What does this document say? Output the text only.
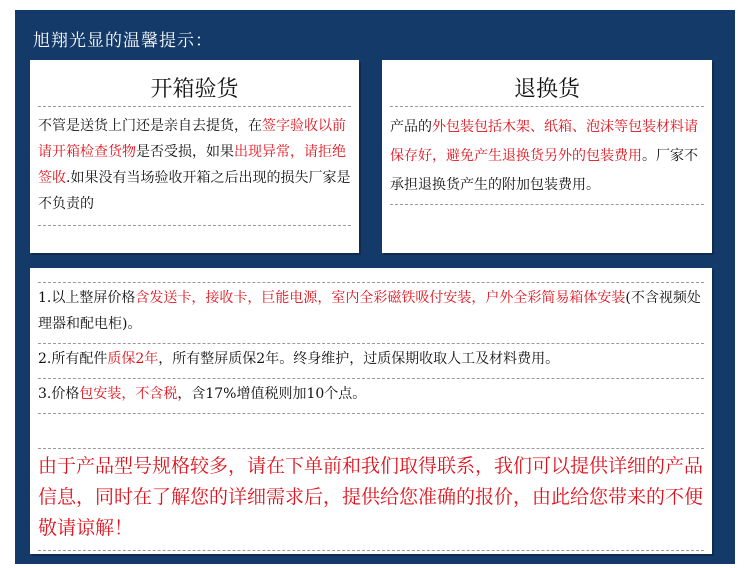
旭翔光显的温馨提示：
开箱验货
不管是送货上门还是亲自去提货，在签字验收以前请开箱检查货物是否受损，如果出现异常，请拒绝签收.如果没有当场验收开箱之后出现的损失厂家是不负责的
退换货
产品的外包装包括木架、纸箱、泡沫等包装材料请保存好，避免产生退换货另外的包装费用。厂家不承担退换货产生的附加包装费用。
1.以上整屏价格含发送卡，接收卡，巨能电源，室内全彩磁铁吸付安装，户外全彩简易箱体安装(不含视频处理器和配电柜)。
2.所有配件质保2年，所有整屏质保2年。终身维护，过质保期收取人工及材料费用。
3.价格包安装，不含税，含17%增值税则加10个点。
由于产品型号规格较多，请在下单前和我们取得联系，我们可以提供详细的产品信息，同时在了解您的详细需求后，提供给您准确的报价，由此给您带来的不便敬请谅解！
